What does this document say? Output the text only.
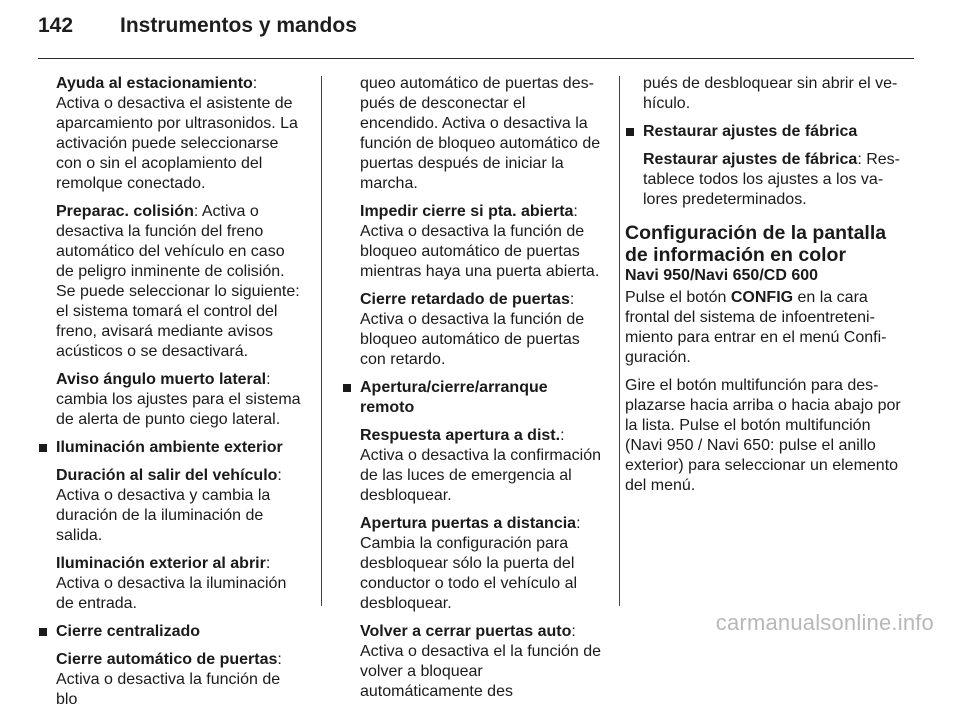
142 Instrumentos y mandos

Ayuda al estacionamiento: Activa o desactiva el asistente de aparcamiento por ultrasonidos. La activación puede seleccionarse con o sin el acoplamiento del remolque conectado.

Preparac. colisión: Activa o desactiva la función del freno automático del vehículo en caso de peligro inminente de colisión. Se puede seleccionar lo siguiente: el sistema tomará el control del freno, avisará mediante avisos acústicos o se desactivará.

Aviso ángulo muerto lateral: cambia los ajustes para el sistema de alerta de punto ciego lateral.

Iluminación ambiente exterior

Duración al salir del vehículo: Activa o desactiva y cambia la duración de la iluminación de salida.

Iluminación exterior al abrir: Activa o desactiva la iluminación de entrada.

Cierre centralizado

Cierre automático de puertas: Activa o desactiva la función de blo

queo automático de puertas después de desconectar el encendido. Activa o desactiva la función de bloqueo automático de puertas después de iniciar la marcha.

Impedir cierre si pta. abierta: Activa o desactiva la función de bloqueo automático de puertas mientras haya una puerta abierta.

Cierre retardado de puertas: Activa o desactiva la función de bloqueo automático de puertas con retardo.

Apertura/cierre/arranque remoto

Respuesta apertura a dist.: Activa o desactiva la confirmación de las luces de emergencia al desbloquear.

Apertura puertas a distancia: Cambia la configuración para desbloquear sólo la puerta del conductor o todo el vehículo al desbloquear.

Volver a cerrar puertas auto: Activa o desactiva el la función de volver a bloquear automáticamente des

pués de desbloquear sin abrir el vehículo.
Restaurar ajustes de fábrica

Restaurar ajustes de fábrica: Restablece todos los ajustes a los valores predeterminados.

Configuración de la pantalla de información en color
Navi 950/Navi 650/CD 600

Pulse el botón CONFIG en la cara frontal del sistema de infoentretenimiento para entrar en el menú Configuración.

Gire el botón multifunción para desplazarse hacia arriba o hacia abajo por la lista. Pulse el botón multifunción (Navi 950 / Navi 650: pulse el anillo exterior) para seleccionar un elemento del menú.

carmanualsonline.info
